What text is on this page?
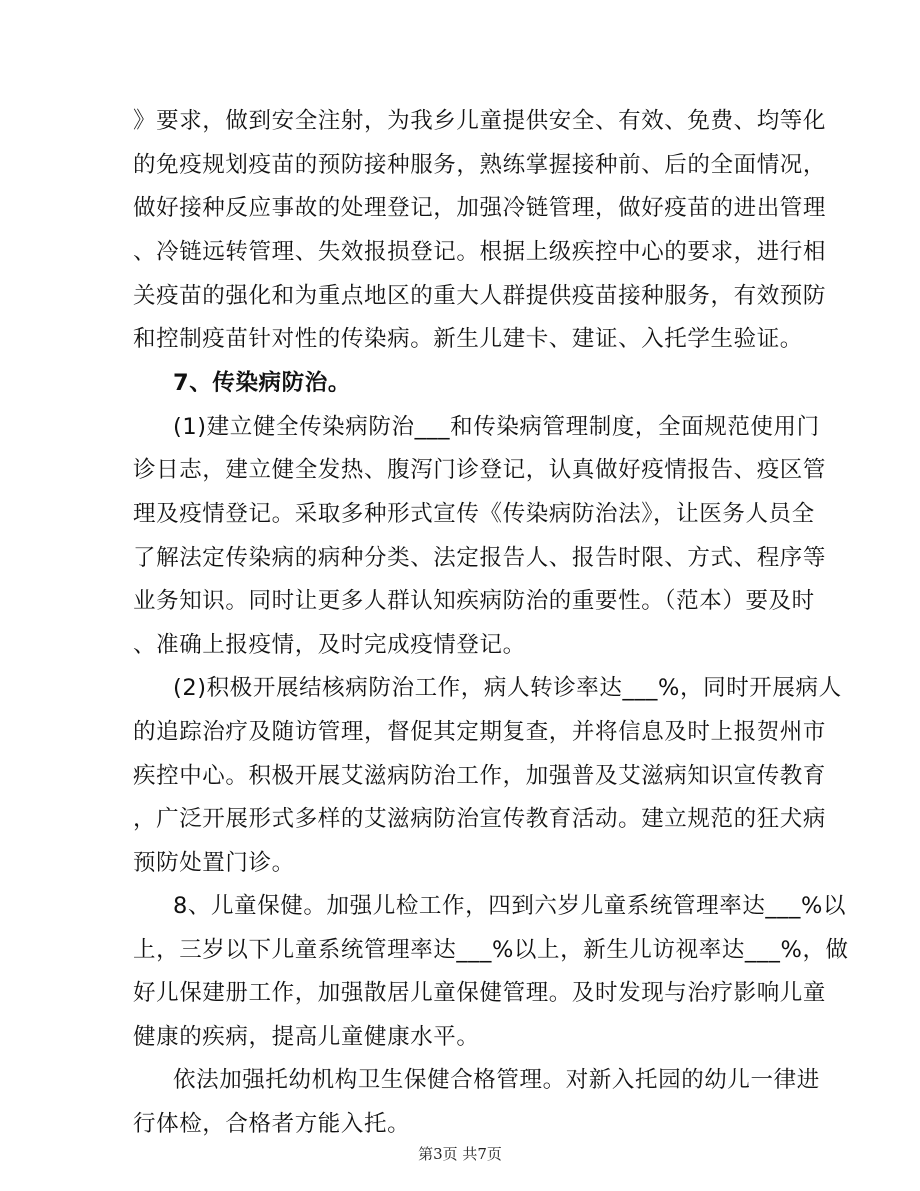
》要求，做到安全注射，为我乡儿童提供安全、有效、免费、均等化
的免疫规划疫苗的预防接种服务，熟练掌握接种前、后的全面情况，
做好接种反应事故的处理登记，加强冷链管理，做好疫苗的进出管理
、冷链远转管理、失效报损登记。根据上级疾控中心的要求，进行相
关疫苗的强化和为重点地区的重大人群提供疫苗接种服务，有效预防
和控制疫苗针对性的传染病。新生儿建卡、建证、入托学生验证。
7、传染病防治。
(1)建立健全传染病防治___和传染病管理制度，全面规范使用门
诊日志，建立健全发热、腹泻门诊登记，认真做好疫情报告、疫区管
理及疫情登记。采取多种形式宣传《传染病防治法》，让医务人员全
了解法定传染病的病种分类、法定报告人、报告时限、方式、程序等
业务知识。同时让更多人群认知疾病防治的重要性。（范本）要及时
、准确上报疫情，及时完成疫情登记。
(2)积极开展结核病防治工作，病人转诊率达___%，同时开展病人
的追踪治疗及随访管理，督促其定期复查，并将信息及时上报贺州市
疾控中心。积极开展艾滋病防治工作，加强普及艾滋病知识宣传教育
，广泛开展形式多样的艾滋病防治宣传教育活动。建立规范的狂犬病
预防处置门诊。
8、儿童保健。加强儿检工作，四到六岁儿童系统管理率达___%以
上，三岁以下儿童系统管理率达___%以上，新生儿访视率达___%，做
好儿保建册工作，加强散居儿童保健管理。及时发现与治疗影响儿童
健康的疾病，提高儿童健康水平。
依法加强托幼机构卫生保健合格管理。对新入托园的幼儿一律进
行体检，合格者方能入托。
第3页 共7页
